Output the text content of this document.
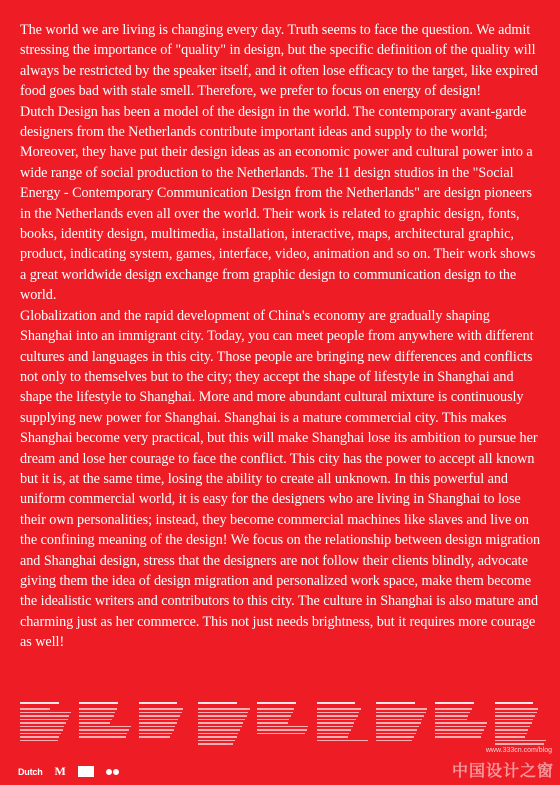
The world we are living is changing every day. Truth seems to face the question. We admit stressing the importance of "quality" in design, but the specific definition of the quality will always be restricted by the speaker itself, and it often lose efficacy to the target, like expired food goes bad with stale smell. Therefore, we prefer to focus on energy of design!

Dutch Design has been a model of the design in the world. The contemporary avant-garde designers from the Netherlands contribute important ideas and supply to the world; Moreover, they have put their design ideas as an economic power and cultural power into a wide range of social production to the Netherlands. The 11 design studios in the "Social Energy - Contemporary Communication Design from the Netherlands" are design pioneers in the Netherlands even all over the world. Their work is related to graphic design, fonts, books, identity design, multimedia, installation, interactive, maps, architectural graphic, product, indicating system, games, interface, video, animation and so on. Their work shows a great worldwide design exchange from graphic design to communication design to the world.

Globalization and the rapid development of China's economy are gradually shaping Shanghai into an immigrant city. Today, you can meet people from anywhere with different cultures and languages in this city. Those people are bringing new differences and conflicts not only to themselves but to the city; they accept the shape of lifestyle in Shanghai and shape the lifestyle to Shanghai. More and more abundant cultural mixture is continuously supplying new power for Shanghai. Shanghai is a mature commercial city. This makes Shanghai become very practical, but this will make Shanghai lose its ambition to pursue her dream and lose her courage to face the conflict. This city has the power to accept all known but it is, at the same time, losing the ability to create all unknown. In this powerful and uniform commercial world, it is easy for the designers who are living in Shanghai to lose their own personalities; instead, they become commercial machines like slaves and live on the confining meaning of the design! We focus on the relationship between design migration and Shanghai design, stress that the designers are not follow their clients blindly, advocate giving them the idea of design migration and personalized work space, make them become the idealistic writers and contributors to this city. The culture in Shanghai is also mature and charming just as her commerce. This not just needs brightness, but it requires more courage as well!

Dutch M
www.333cn.com/blog
中国设计之窗
